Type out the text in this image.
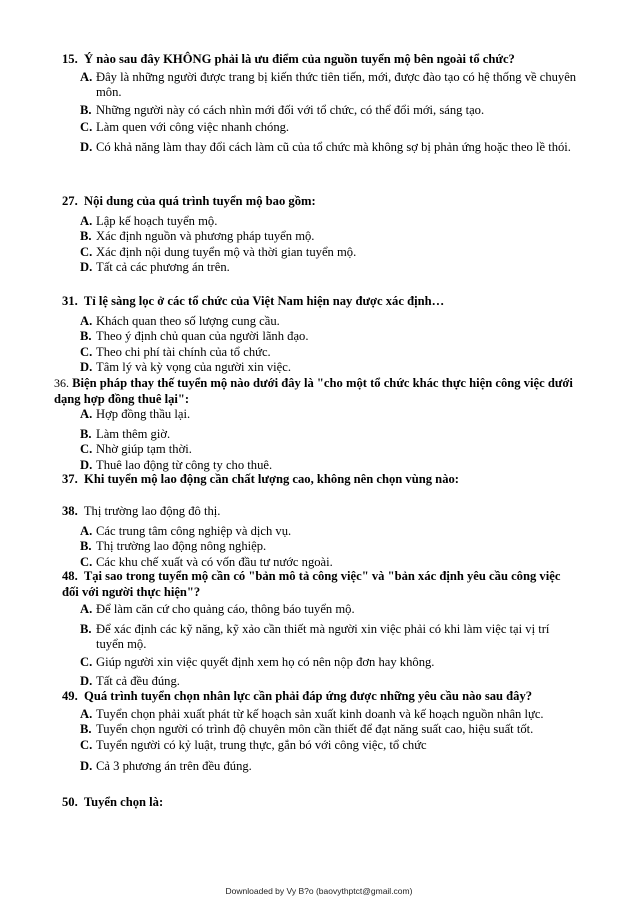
15. Ý nào sau đây KHÔNG phải là ưu điểm của nguồn tuyển mộ bên ngoài tổ chức?
A. Đây là những người được trang bị kiến thức tiên tiến, mới, được đào tạo có hệ thống về chuyên môn.
B. Những người này có cách nhìn mới đối với tổ chức, có thể đổi mới, sáng tạo.
C. Làm quen với công việc nhanh chóng.
D. Có khả năng làm thay đổi cách làm cũ của tổ chức mà không sợ bị phản ứng hoặc theo lề thói.
27. Nội dung của quá trình tuyển mộ bao gồm:
A. Lập kế hoạch tuyển mộ.
B. Xác định nguồn và phương pháp tuyển mộ.
C. Xác định nội dung tuyển mộ và thời gian tuyển mộ.
D. Tất cả các phương án trên.
31. Tỉ lệ sàng lọc ở các tổ chức của Việt Nam hiện nay được xác định…
A. Khách quan theo số lượng cung cầu.
B. Theo ý định chủ quan của người lãnh đạo.
C. Theo chi phí tài chính của tổ chức.
D. Tâm lý và kỳ vọng của người xin việc.
36. Biện pháp thay thế tuyển mộ nào dưới đây là "cho một tổ chức khác thực hiện công việc dưới dạng hợp đồng thuê lại":
A. Hợp đồng thầu lại.
B. Làm thêm giờ.
C. Nhờ giúp tạm thời.
D. Thuê lao động từ công ty cho thuê.
37. Khi tuyển mộ lao động cần chất lượng cao, không nên chọn vùng nào:
38. Thị trường lao động đô thị.
A. Các trung tâm công nghiệp và dịch vụ.
B. Thị trường lao động nông nghiệp.
C. Các khu chế xuất và có vốn đầu tư nước ngoài.
48. Tại sao trong tuyển mộ cần có "bản mô tả công việc" và "bản xác định yêu cầu công việc đối với người thực hiện"?
A. Để làm căn cứ cho quảng cáo, thông báo tuyển mộ.
B. Để xác định các kỹ năng, kỹ xảo cần thiết mà người xin việc phải có khi làm việc tại vị trí tuyển mộ.
C. Giúp người xin việc quyết định xem họ có nên nộp đơn hay không.
D. Tất cả đều đúng.
49. Quá trình tuyển chọn nhân lực cần phải đáp ứng được những yêu cầu nào sau đây?
A. Tuyển chọn phải xuất phát từ kế hoạch sản xuất kinh doanh và kế hoạch nguồn nhân lực.
B. Tuyển chọn người có trình độ chuyên môn cần thiết để đạt năng suất cao, hiệu suất tốt.
C. Tuyển người có kỷ luật, trung thực, gắn bó với công việc, tổ chức
D. Cả 3 phương án trên đều đúng.
50. Tuyển chọn là:
Downloaded by Vy B?o (baovythptct@gmail.com)
